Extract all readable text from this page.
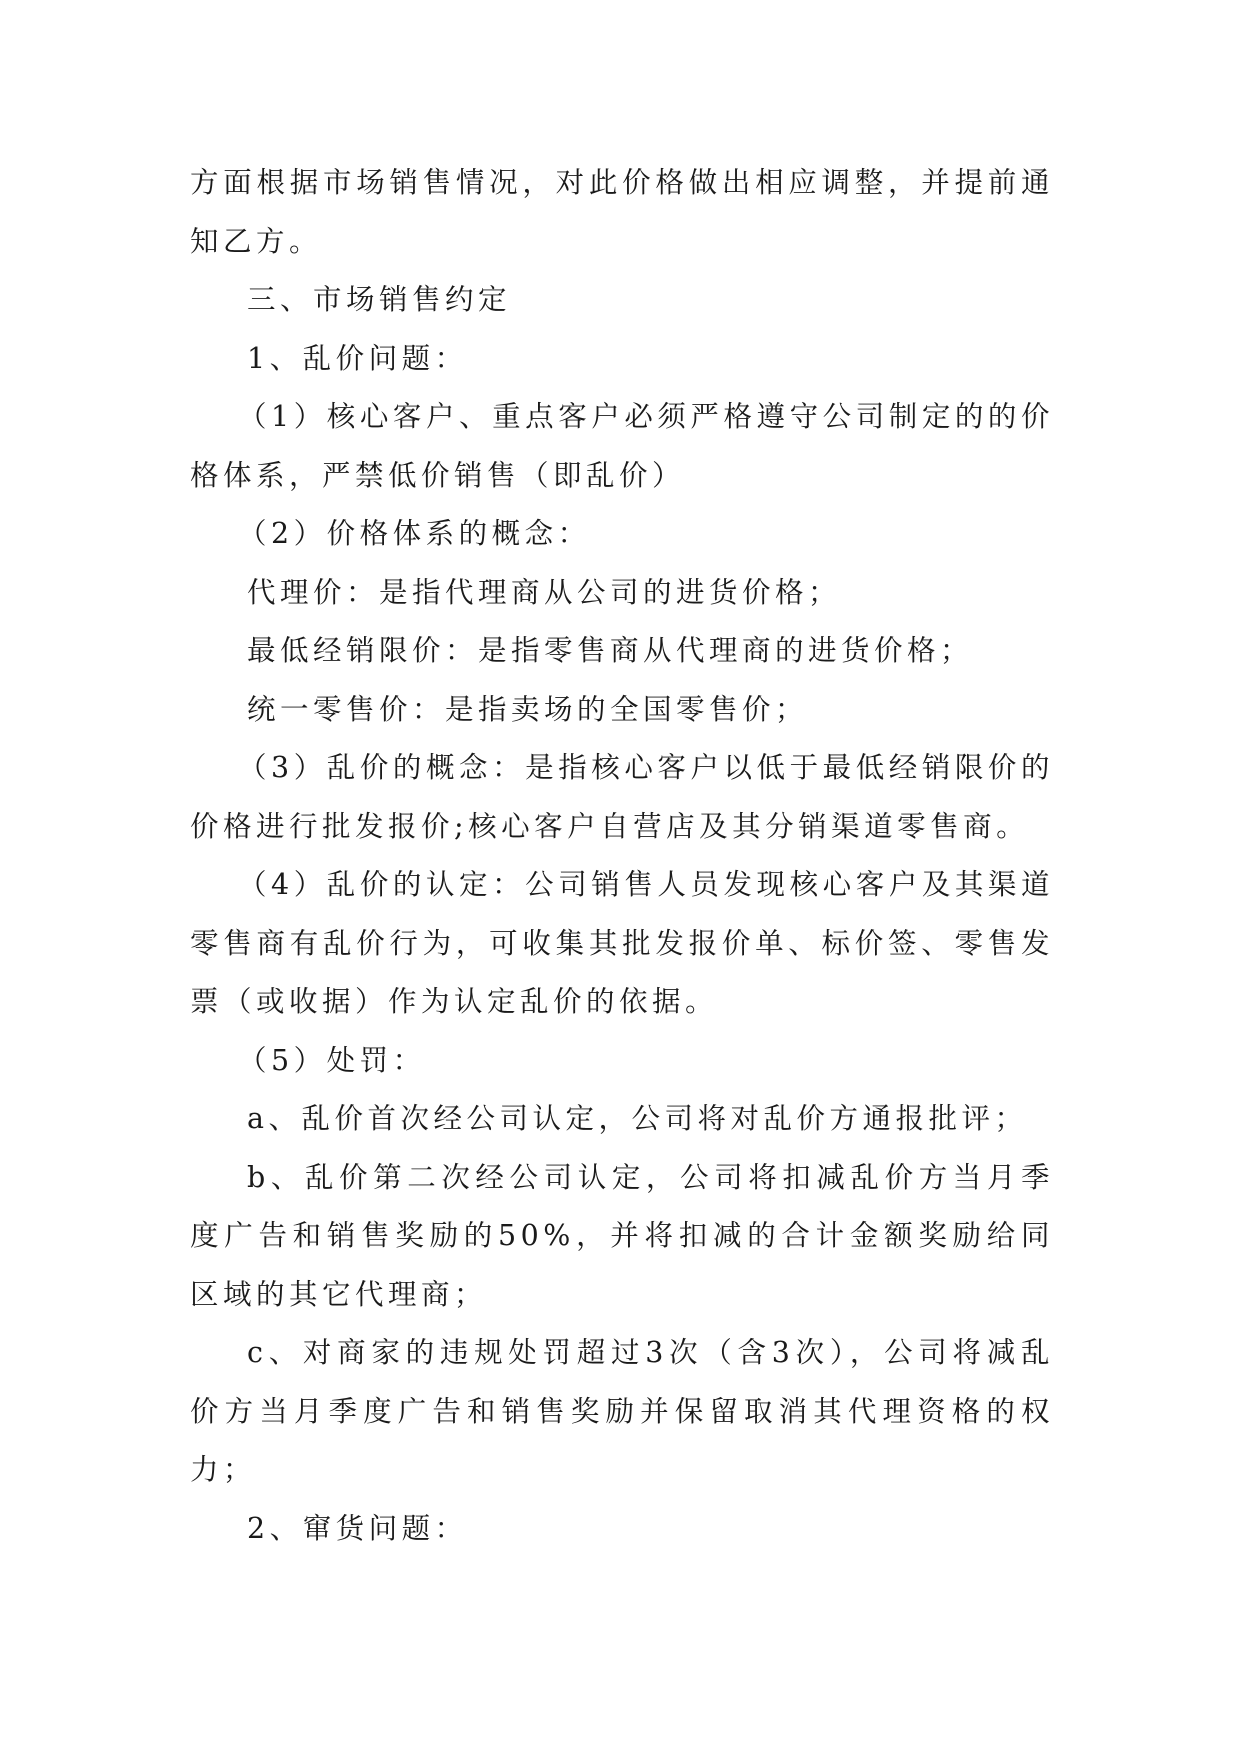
方面根据市场销售情况，对此价格做出相应调整，并提前通知乙方。

三、市场销售约定

1、乱价问题：

（1）核心客户、重点客户必须严格遵守公司制定的的价格体系，严禁低价销售（即乱价）

（2）价格体系的概念：

代理价：是指代理商从公司的进货价格；

最低经销限价：是指零售商从代理商的进货价格；

统一零售价：是指卖场的全国零售价；

（3）乱价的概念：是指核心客户以低于最低经销限价的价格进行批发报价;核心客户自营店及其分销渠道零售商。

（4）乱价的认定：公司销售人员发现核心客户及其渠道零售商有乱价行为，可收集其批发报价单、标价签、零售发票（或收据）作为认定乱价的依据。

（5）处罚：

a、乱价首次经公司认定，公司将对乱价方通报批评；

b、乱价第二次经公司认定，公司将扣减乱价方当月季度广告和销售奖励的50%，并将扣减的合计金额奖励给同区域的其它代理商；

c、对商家的违规处罚超过3次（含3次），公司将减乱价方当月季度广告和销售奖励并保留取消其代理资格的权力；

2、窜货问题：
